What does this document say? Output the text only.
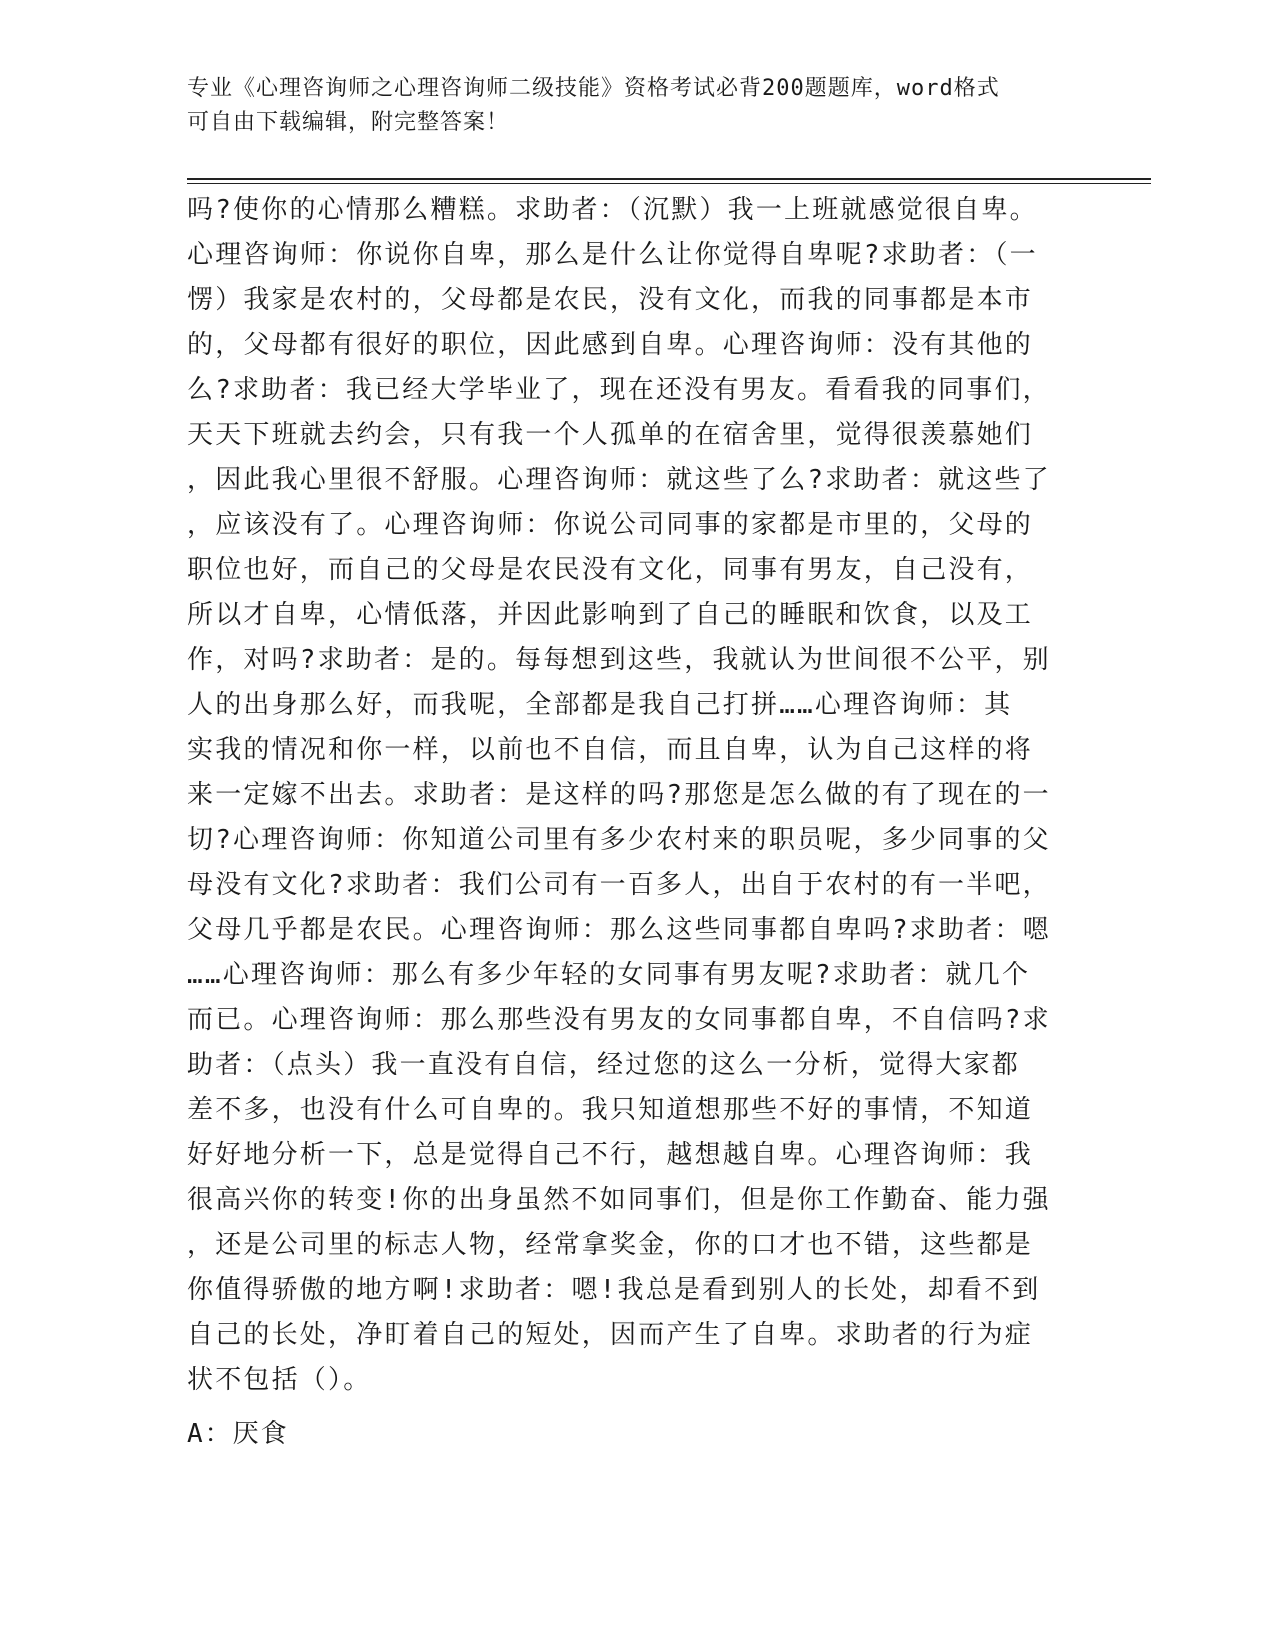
专业《心理咨询师之心理咨询师二级技能》资格考试必背200题题库，word格式
可自由下载编辑，附完整答案！
吗?使你的心情那么糟糕。求助者：（沉默）我一上班就感觉很自卑。
心理咨询师：你说你自卑，那么是什么让你觉得自卑呢?求助者：（一
愣）我家是农村的，父母都是农民，没有文化，而我的同事都是本市
的，父母都有很好的职位，因此感到自卑。心理咨询师：没有其他的
么?求助者：我已经大学毕业了，现在还没有男友。看看我的同事们，
天天下班就去约会，只有我一个人孤单的在宿舍里，觉得很羡慕她们
，因此我心里很不舒服。心理咨询师：就这些了么?求助者：就这些了
，应该没有了。心理咨询师：你说公司同事的家都是市里的，父母的
职位也好，而自己的父母是农民没有文化，同事有男友，自己没有，
所以才自卑，心情低落，并因此影响到了自己的睡眠和饮食，以及工
作，对吗?求助者：是的。每每想到这些，我就认为世间很不公平，别
人的出身那么好，而我呢，全部都是我自己打拼……心理咨询师：其
实我的情况和你一样，以前也不自信，而且自卑，认为自己这样的将
来一定嫁不出去。求助者：是这样的吗?那您是怎么做的有了现在的一
切?心理咨询师：你知道公司里有多少农村来的职员呢，多少同事的父
母没有文化?求助者：我们公司有一百多人，出自于农村的有一半吧，
父母几乎都是农民。心理咨询师：那么这些同事都自卑吗?求助者：嗯
……心理咨询师：那么有多少年轻的女同事有男友呢?求助者：就几个
而已。心理咨询师：那么那些没有男友的女同事都自卑，不自信吗?求
助者：（点头）我一直没有自信，经过您的这么一分析，觉得大家都
差不多，也没有什么可自卑的。我只知道想那些不好的事情，不知道
好好地分析一下，总是觉得自己不行，越想越自卑。心理咨询师：我
很高兴你的转变!你的出身虽然不如同事们，但是你工作勤奋、能力强
，还是公司里的标志人物，经常拿奖金，你的口才也不错，这些都是
你值得骄傲的地方啊!求助者：嗯!我总是看到别人的长处，却看不到
自己的长处，净盯着自己的短处，因而产生了自卑。求助者的行为症
状不包括（）。
A：厌食
